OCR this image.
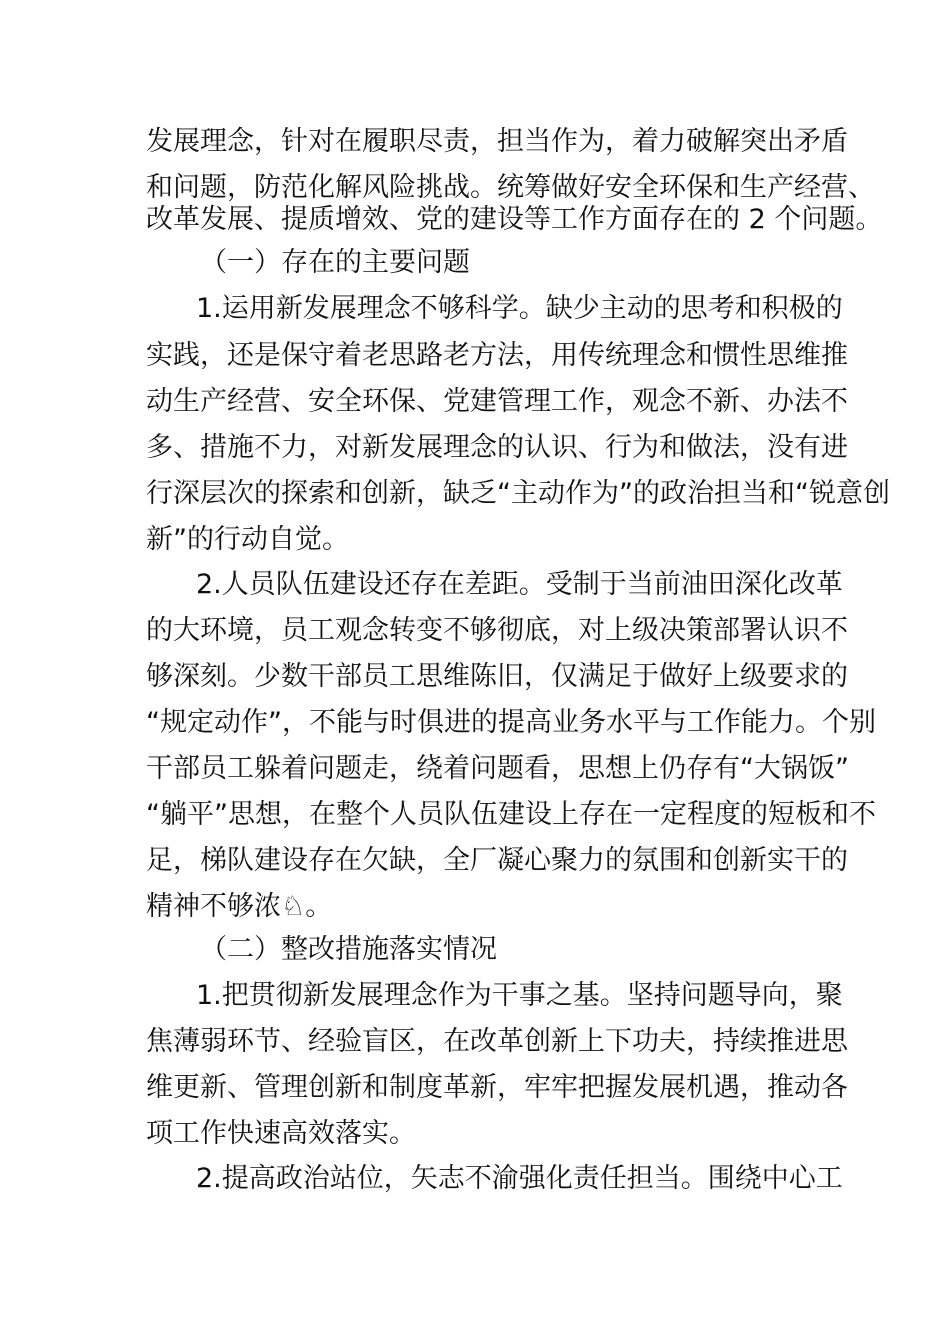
发展理念，针对在履职尽责，担当作为，着力破解突出矛盾
和问题，防范化解风险挑战。统筹做好安全环保和生产经营、
改革发展、提质增效、党的建设等工作方面存在的 2 个问题。
（一）存在的主要问题
1.运用新发展理念不够科学。缺少主动的思考和积极的
实践，还是保守着老思路老方法，用传统理念和惯性思维推
动生产经营、安全环保、党建管理工作，观念不新、办法不
多、措施不力，对新发展理念的认识、行为和做法，没有进
行深层次的探索和创新，缺乏“主动作为”的政治担当和“锐意创
新”的行动自觉。
2.人员队伍建设还存在差距。受制于当前油田深化改革
的大环境，员工观念转变不够彻底，对上级决策部署认识不
够深刻。少数干部员工思维陈旧，仅满足于做好上级要求的
“规定动作”，不能与时俱进的提高业务水平与工作能力。个别
干部员工躲着问题走，绕着问题看，思想上仍存有“大锅饭”
“躺平”思想，在整个人员队伍建设上存在一定程度的短板和不
足，梯队建设存在欠缺，全厂凝心聚力的氛围和创新实干的
精神不够浓♘。
（二）整改措施落实情况
1.把贯彻新发展理念作为干事之基。坚持问题导向，聚
焦薄弱环节、经验盲区，在改革创新上下功夫，持续推进思
维更新、管理创新和制度革新，牢牢把握发展机遇，推动各
项工作快速高效落实。
2.提高政治站位，矢志不渝强化责任担当。围绕中心工
